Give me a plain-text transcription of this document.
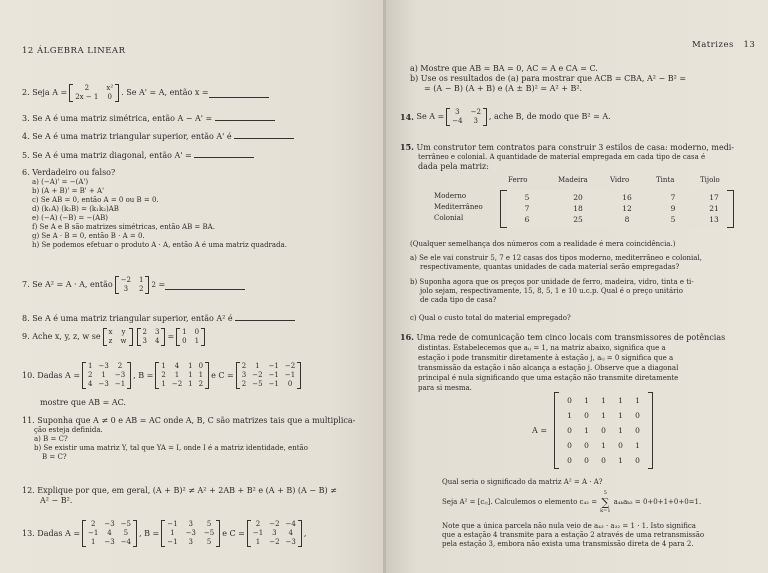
12 ÁLGEBRA LINEAR
2.
Seja A =	2	x²
2x − 1 0 . Se A' = A, então x =
3. Se A é uma matriz simétrica, então A − A' =
4. Se A é uma matriz triangular superior, então A' é
5. Se A é uma matriz diagonal, então A' =
6. Verdadeiro ou falso?
a) (−A)' = −(A')
b) (A + B)' = B' + A'
c) Se AB = 0, então A = 0 ou B = 0.
d) (k₁A) (k₂B) = (k₁k₂)AB
e) (−A) (−B) = −(AB)
f) Se A e B são matrizes simétricas, então AB = BA.
g) Se A · B = 0, então B · A = 0.
h) Se podemos efetuar o produto A · A, então A é uma matriz quadrada.
7.
Se A² = A · A, então −2 1
3	2
2
=
8. Se A é uma matriz triangular superior, então A² é
9.
Ache x, y, z, w se x y
z w
2 3
3 4 = 1 0
0 1
10.
Dadas A =
1 −3	2
2	1	−3
4 −3 −1
, B =
1	4	1 0
2	1	1 1
1 −2 1 2
e C =
2	1	−1 −2
3 −2 −1 −1
2 −5 −1	0
mostre que AB = AC.
11. Suponha que A ≠ 0 e AB = AC onde A, B, C são matrizes tais que a multiplica-
ção esteja definida.
a) B = C?
b) Se existir uma matriz Y, tal que YA = I, onde I é a matriz identidade, então
B = C?
12. Explique por que, em geral, (A + B)² ≠ A² + 2AB + B² e (A + B) (A − B) ≠
A² − B².
13.
Dadas A =
2	−3 −5
−1	4	5
1	−3 −4
, B =
−1	3	5
1	−3 −5
−1	3	5
e C =
2	−2 −4
−1	3	4
1	−2 −3
,
Matrizes 13
a) Mostre que AB = BA = 0, AC = A e CA = C.
b) Use os resultados de (a) para mostrar que ACB = CBA, A² − B² =
= (A − B) (A + B) e (A ± B)² = A² + B².
14.
Se A =	3	−2
−4	3	, ache B, de modo que B² = A.
15. Um construtor tem contratos para construir 3 estilos de casa: moderno, medi-
terrâneo e colonial. A quantidade de material empregada em cada tipo de casa é
dada pela matriz:
Ferro	Madeira	Vidro	Tinta	Tijolo
Moderno
Mediterrâneo
Colonial
5	20	16	7	17
7	18	12	9	21
6	25	8	5	13
(Qualquer semelhança dos números com a realidade é mera coincidência.)
a) Se ele vai construir 5, 7 e 12 casas dos tipos moderno, mediterrâneo e colonial,
respectivamente, quantas unidades de cada material serão empregadas?
b) Suponha agora que os preços por unidade de ferro, madeira, vidro, tinta e ti-
jolo sejam, respectivamente, 15, 8, 5, 1 e 10 u.c.p. Qual é o preço unitário
de cada tipo de casa?
c) Qual o custo total do material empregado?
16. Uma rede de comunicação tem cinco locais com transmissores de potências
distintas. Estabelecemos que aᵢⱼ = 1, na matriz abaixo, significa que a
estação i pode transmitir diretamente à estação j, aᵢⱼ = 0 significa que a
transmissão da estação i não alcança a estação j. Observe que a diagonal
principal é nula significando que uma estação não transmite diretamente
para si mesma.
A =
0	1	1	1	1
1	0	1	1	0
0	1	0	1	0
0	0	1	0	1
0	0	0	1	0
Qual seria o significado da matriz A² = A · A?
Seja A² = [cᵢⱼ]. Calculemos o elemento c₄₂ =
5
∑
k=1
a₄ₖaₖ₂ = 0+0+1+0+0=1.
Note que a única parcela não nula veio de a₄₃ · a₃₂ = 1 · 1. Isto significa
que a estação 4 transmite para a estação 2 através de uma retransmissão
pela estação 3, embora não exista uma transmissão direta de 4 para 2.
